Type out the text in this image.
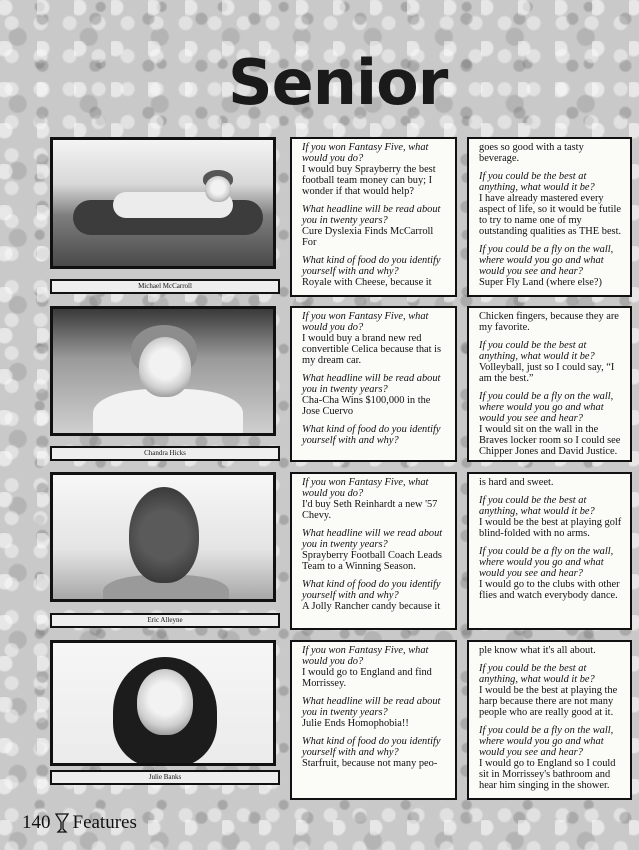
Senior
Michael McCarroll

If you won Fantasy Five, what would you do?
I would buy Sprayberry the best football team money can buy; I wonder if that would help?

What headline will be read about you in twenty years?
Cure Dyslexia Finds McCarroll For

What kind of food do you identify yourself with and why?
Royale with Cheese, because it

goes so good with a tasty beverage.

If you could be the best at anything, what would it be?
I have already mastered every aspect of life, so it would be futile to try to name one of my outstanding qualities as THE best.

If you could be a fly on the wall, where would you go and what would you see and hear?
Super Fly Land (where else?)

Chandra Hicks

If you won Fantasy Five, what would you do?
I would buy a brand new red convertible Celica because that is my dream car.

What headline will be read about you in twenty years?
Cha-Cha Wins $100,000 in the Jose Cuervo

What kind of food do you identify yourself with and why?

Chicken fingers, because they are my favorite.

If you could be the best at anything, what would it be?
Volleyball, just so I could say, “I am the best.”

If you could be a fly on the wall, where would you go and what would you see and hear?
I would sit on the wall in the Braves locker room so I could see Chipper Jones and David Justice.

Eric Alleyne

If you won Fantasy Five, what would you do?
I'd buy Seth Reinhardt a new '57 Chevy.

What headline will we read about you in twenty years?
Sprayberry Football Coach Leads Team to a Winning Season.

What kind of food do you identify yourself with and why?
A Jolly Rancher candy because it

is hard and sweet.

If you could be the best at anything, what would it be?
I would be the best at playing golf blind-folded with no arms.

If you could be a fly on the wall, where would you go and what would you see and hear?
I would go to the clubs with other flies and watch everybody dance.

Julie Banks

If you won Fantasy Five, what would you do?
I would go to England and find Morrissey.

What headline will be read about you in twenty years?
Julie Ends Homophobia!!

What kind of food do you identify yourself with and why?
Starfruit, because not many peo-

ple know what it's all about.

If you could be the best at anything, what would it be?
I would be the best at playing the harp because there are not many people who are really good at it.

If you could be a fly on the wall, where would you go and what would you see and hear?
I would go to England so I could sit in Morrissey's bathroom and hear him singing in the shower.

140 Features
